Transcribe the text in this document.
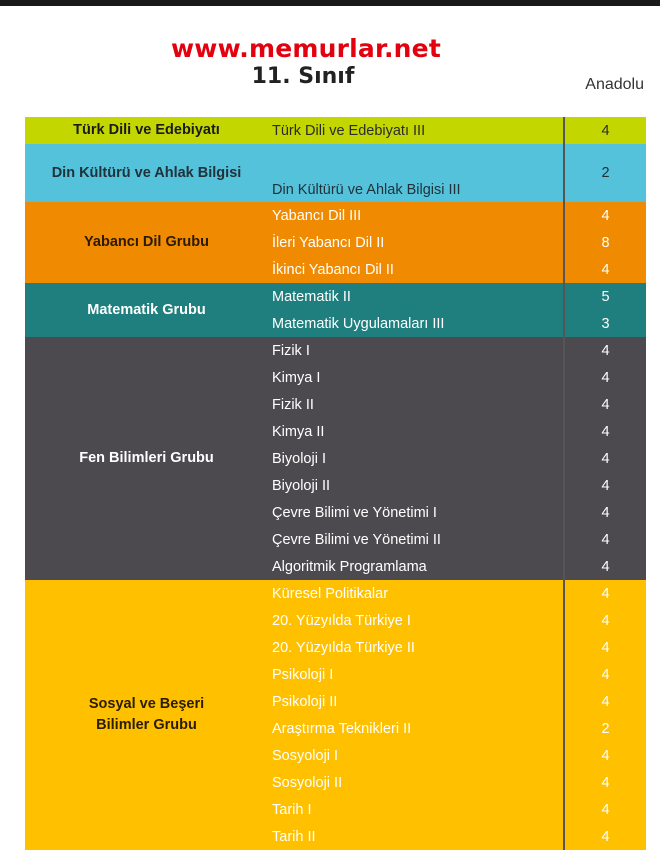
www.memurlar.net
11. Sınıf	Anadolu
Türk Dili ve Edebiyatı	Türk Dili ve Edebiyatı III	4
Din Kültürü ve Ahlak Bilgisi	Din Kültürü ve Ahlak Bilgisi III	2
Yabancı Dil Grubu	Yabancı Dil III	4
	İleri Yabancı Dil II	8
	İkinci Yabancı Dil II	4
Matematik Grubu	Matematik II	5
	Matematik Uygulamaları III	3
Fen Bilimleri Grubu	Fizik I	4
	Kimya I	4
	Fizik II	4
	Kimya II	4
	Biyoloji I	4
	Biyoloji II	4
	Çevre Bilimi ve Yönetimi I	4
	Çevre Bilimi ve Yönetimi II	4
	Algoritmik Programlama	4
Sosyal ve Beşeri Bilimler Grubu	Küresel Politikalar	4
	20. Yüzyılda Türkiye I	4
	20. Yüzyılda Türkiye II	4
	Psikoloji I	4
	Psikoloji II	4
	Araştırma Teknikleri II	2
	Sosyoloji I	4
	Sosyoloji II	4
	Tarih I	4
	Tarih II	4
